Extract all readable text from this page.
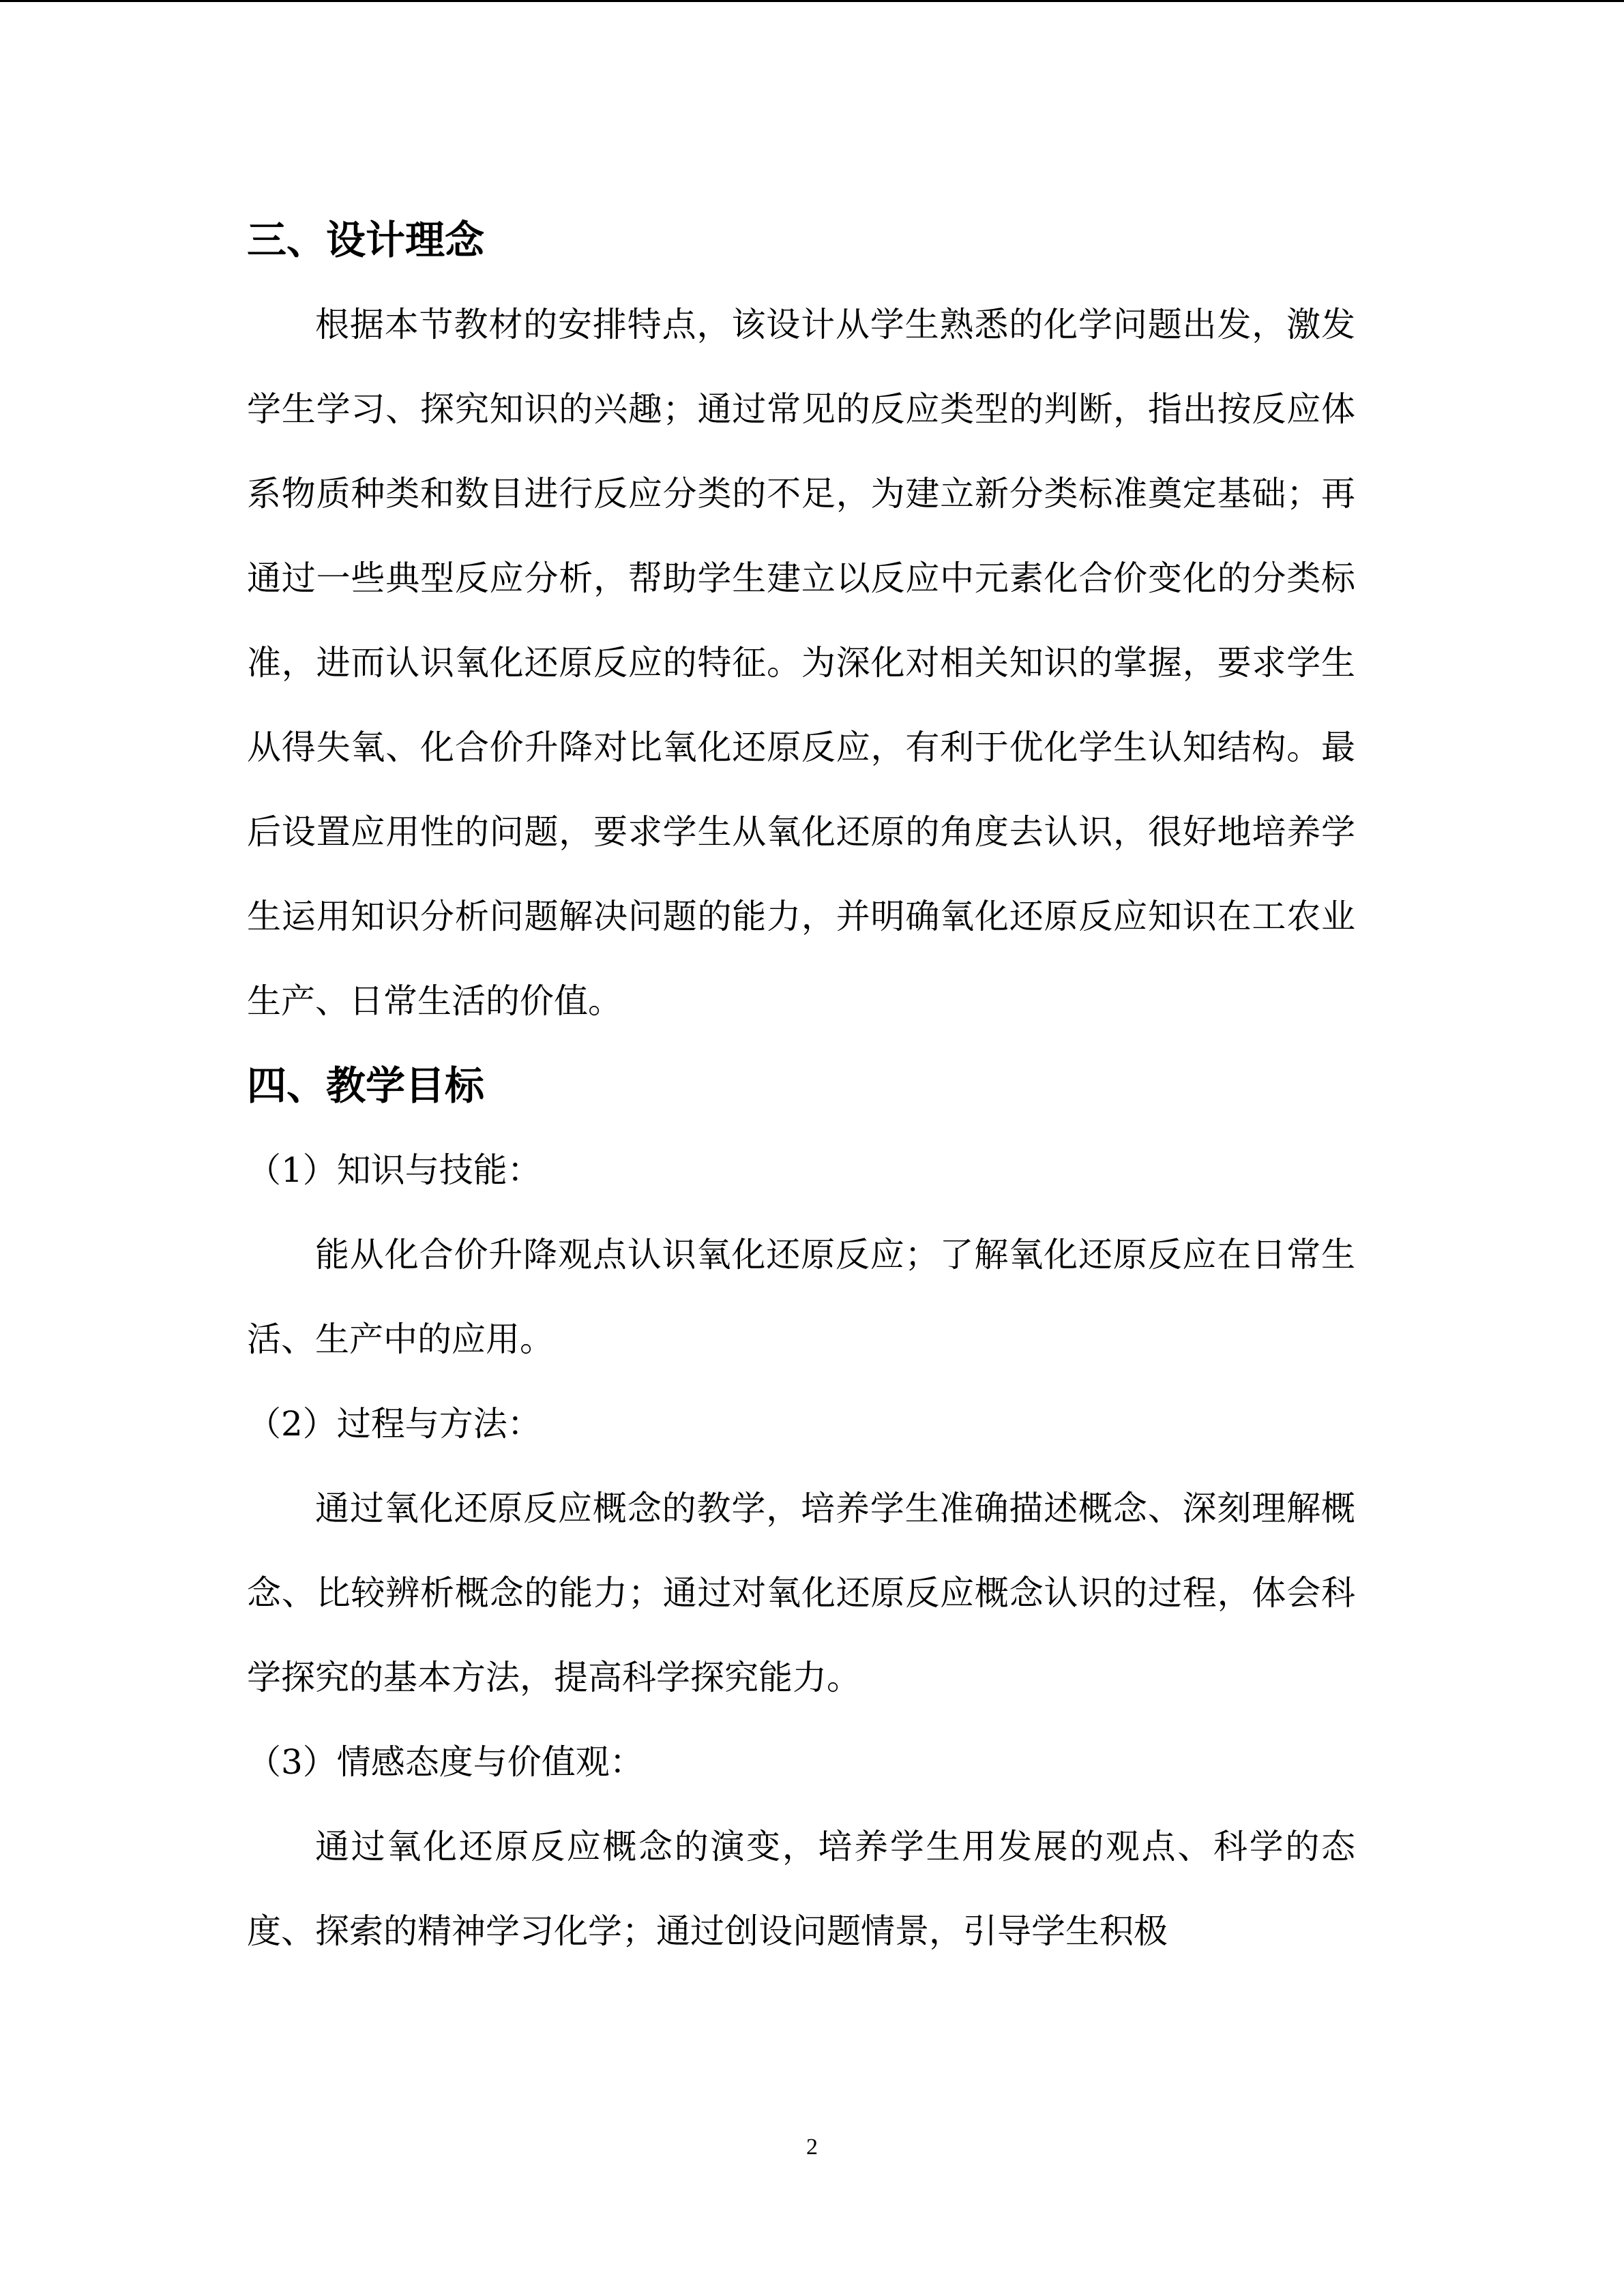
三、设计理念

根据本节教材的安排特点，该设计从学生熟悉的化学问题出发，激发学生学习、探究知识的兴趣；通过常见的反应类型的判断，指出按反应体系物质种类和数目进行反应分类的不足，为建立新分类标准奠定基础；再通过一些典型反应分析，帮助学生建立以反应中元素化合价变化的分类标准，进而认识氧化还原反应的特征。为深化对相关知识的掌握，要求学生从得失氧、化合价升降对比氧化还原反应，有利于优化学生认知结构。最后设置应用性的问题，要求学生从氧化还原的角度去认识，很好地培养学生运用知识分析问题解决问题的能力，并明确氧化还原反应知识在工农业生产、日常生活的价值。

四、教学目标
（1）知识与技能：

能从化合价升降观点认识氧化还原反应；了解氧化还原反应在日常生活、生产中的应用。

（2）过程与方法：

通过氧化还原反应概念的教学，培养学生准确描述概念、深刻理解概念、比较辨析概念的能力；通过对氧化还原反应概念认识的过程，体会科学探究的基本方法，提高科学探究能力。

（3）情感态度与价值观：

通过氧化还原反应概念的演变，培养学生用发展的观点、科学的态度、探索的精神学习化学；通过创设问题情景，引导学生积极

2
